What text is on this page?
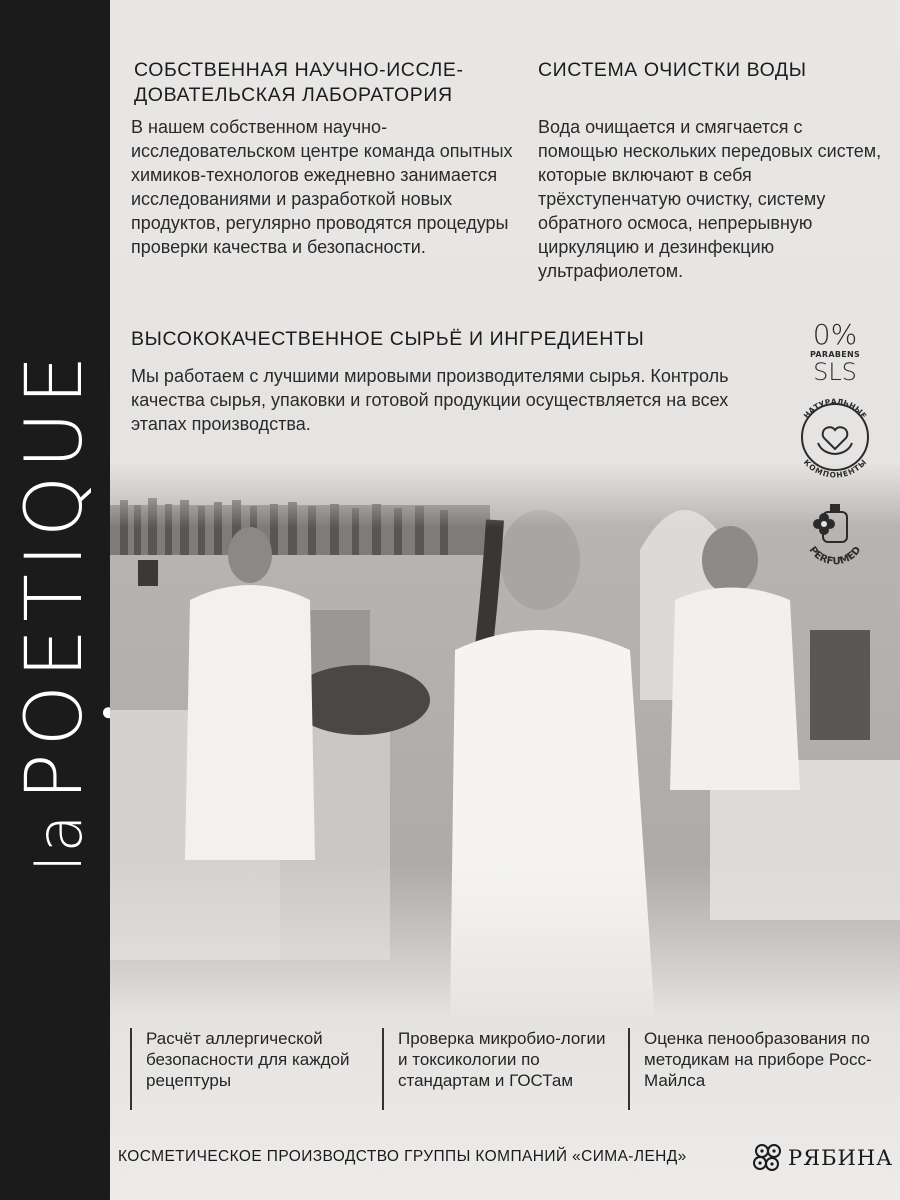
laPO
ETIQUE
СОБСТВЕННАЯ НАУЧНО-ИССЛЕ-ДОВАТЕЛЬСКАЯ ЛАБОРАТОРИЯ
В нашем собственном научно-исследовательском центре команда опытных химиков-технологов ежедневно занимается исследованиями и разработкой новых продуктов, регулярно проводятся процедуры проверки качества и безопасности.
СИСТЕМА ОЧИСТКИ ВОДЫ
Вода очищается и смягчается с помощью нескольких передовых систем, которые включают в себя трёхступенчатую очистку, систему обратного осмоса, непрерывную циркуляцию и дезинфекцию ультрафиолетом.
ВЫСОКОКАЧЕСТВЕННОЕ СЫРЬЁ И ИНГРЕДИЕНТЫ
Мы работаем с лучшими мировыми производителями сырья. Контроль качества сырья, упаковки и готовой продукции осуществляется на всех этапах производства.
0%
PARABENS
SLS
НАТУРАЛЬНЫЕ
КОМПОНЕНТЫ

PERFUMED
Расчёт аллергической безопасности для каждой рецептуры
Проверка микробио-логии и токсикологии по стандартам и ГОСТам
Оценка пенообразования по методикам на приборе Росс-Майлса
КОСМЕТИЧЕСКОЕ ПРОИЗВОДСТВО ГРУППЫ КОМПАНИЙ «СИМА-ЛЕНД»	РЯБИНА
